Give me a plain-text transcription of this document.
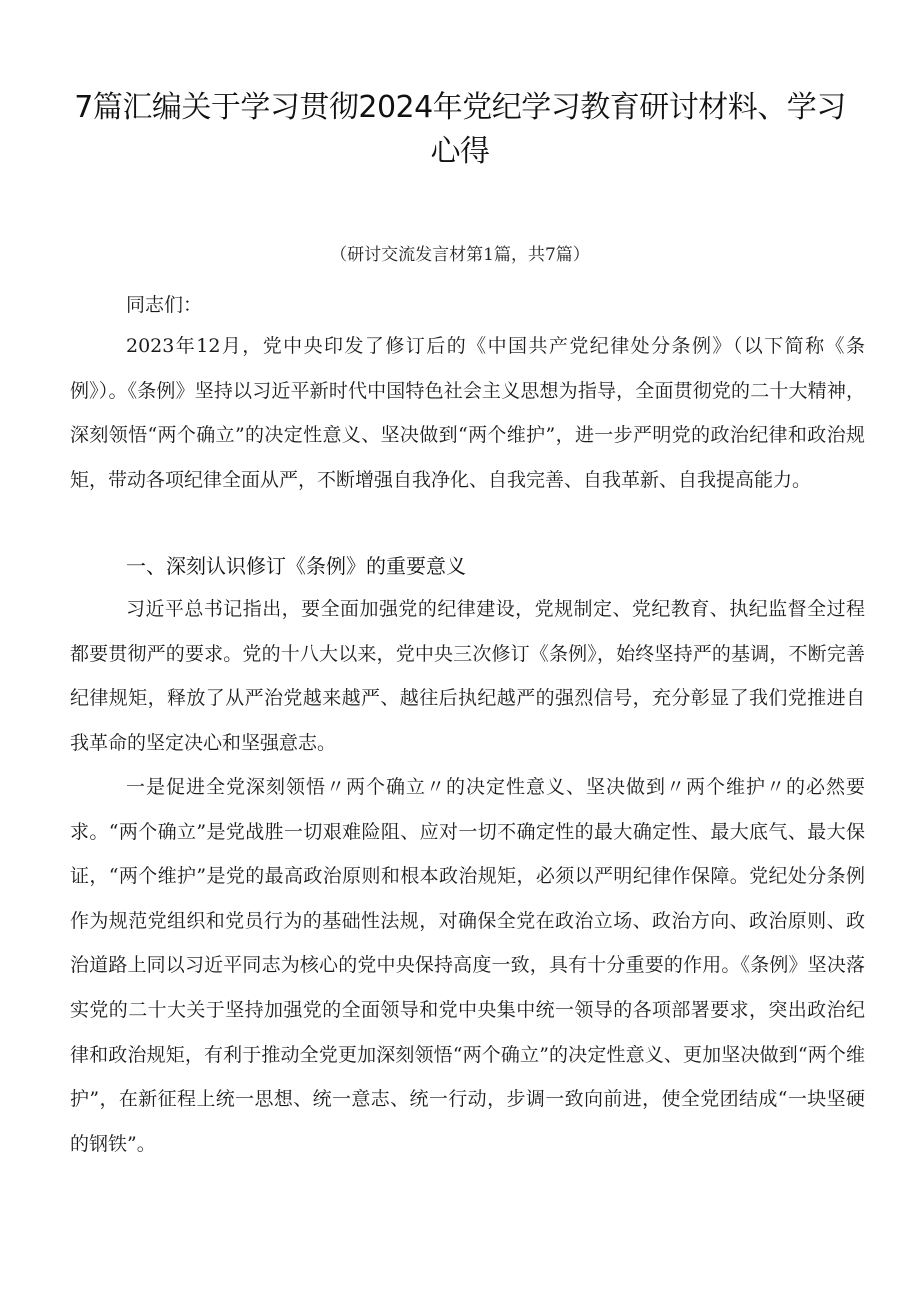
7篇汇编关于学习贯彻2024年党纪学习教育研讨材料、学习心得

（研讨交流发言材第1篇，共7篇）

同志们：

2023年12月，党中央印发了修订后的《中国共产党纪律处分条例》（以下简称《条例》）。《条例》坚持以习近平新时代中国特色社会主义思想为指导，全面贯彻党的二十大精神，深刻领悟“两个确立”的决定性意义、坚决做到“两个维护”，进一步严明党的政治纪律和政治规矩，带动各项纪律全面从严，不断增强自我净化、自我完善、自我革新、自我提高能力。

一、深刻认识修订《条例》的重要意义

习近平总书记指出，要全面加强党的纪律建设，党规制定、党纪教育、执纪监督全过程都要贯彻严的要求。党的十八大以来，党中央三次修订《条例》，始终坚持严的基调，不断完善纪律规矩，释放了从严治党越来越严、越往后执纪越严的强烈信号，充分彰显了我们党推进自我革命的坚定决心和坚强意志。

一是促进全党深刻领悟〃两个确立〃的决定性意义、坚决做到〃两个维护〃的必然要求。“两个确立”是党战胜一切艰难险阻、应对一切不确定性的最大确定性、最大底气、最大保证，“两个维护”是党的最高政治原则和根本政治规矩，必须以严明纪律作保障。党纪处分条例作为规范党组织和党员行为的基础性法规，对确保全党在政治立场、政治方向、政治原则、政治道路上同以习近平同志为核心的党中央保持高度一致，具有十分重要的作用。《条例》坚决落实党的二十大关于坚持加强党的全面领导和党中央集中统一领导的各项部署要求，突出政治纪律和政治规矩，有利于推动全党更加深刻领悟“两个确立”的决定性意义、更加坚决做到“两个维护”，在新征程上统一思想、统一意志、统一行动，步调一致向前进，使全党团结成“一块坚硬的钢铁”。
